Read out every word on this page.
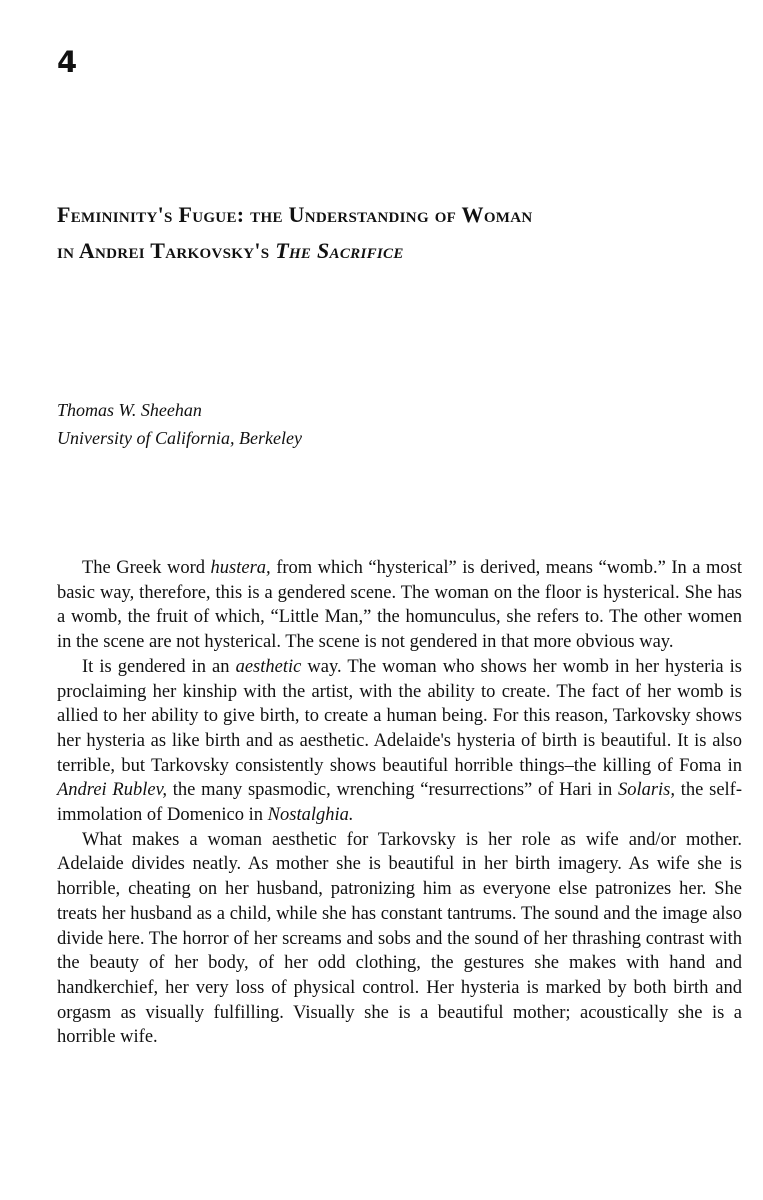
4
Femininity's Fugue: the Understanding of Woman
in Andrei Tarkovsky's The Sacrifice
Thomas W. Sheehan
University of California, Berkeley

The Greek word hustera, from which “hysterical” is derived, means “womb.” In a most basic way, therefore, this is a gendered scene. The woman on the floor is hysterical. She has a womb, the fruit of which, “Little Man,” the homunculus, she refers to. The other women in the scene are not hysterical. The scene is not gendered in that more obvious way.

It is gendered in an aesthetic way. The woman who shows her womb in her hysteria is proclaiming her kinship with the artist, with the ability to create. The fact of her womb is allied to her ability to give birth, to create a human being. For this reason, Tarkovsky shows her hysteria as like birth and as aesthetic. Adelaide's hysteria of birth is beautiful. It is also terrible, but Tarkovsky consistently shows beautiful horrible things–the killing of Foma in Andrei Rublev, the many spasmodic, wrenching “resurrections” of Hari in Solaris, the self-immolation of Domenico in Nostalghia.

What makes a woman aesthetic for Tarkovsky is her role as wife and/or mother. Adelaide divides neatly. As mother she is beautiful in her birth imagery. As wife she is horrible, cheating on her husband, patronizing him as everyone else patronizes her. She treats her husband as a child, while she has constant tantrums. The sound and the image also divide here. The horror of her screams and sobs and the sound of her thrashing contrast with the beauty of her body, of her odd clothing, the gestures she makes with hand and handkerchief, her very loss of physical control. Her hysteria is marked by both birth and orgasm as visually fulfilling. Visually she is a beautiful mother; acoustically she is a horrible wife.
